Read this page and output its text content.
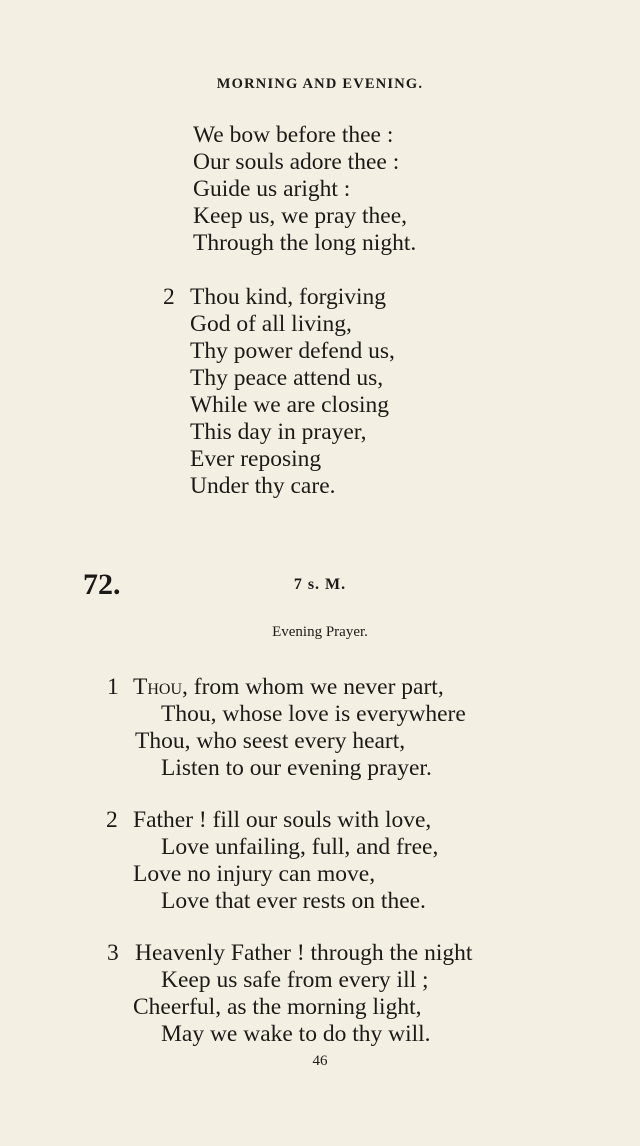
MORNING AND EVENING.
We bow before thee :
Our souls adore thee :
Guide us aright :
Keep us, we pray thee,
Through the long night.
2 Thou kind, forgiving
God of all living,
Thy power defend us,
Thy peace attend us,
While we are closing
This day in prayer,
Ever reposing
Under thy care.
72.	7 s. M.
Evening Prayer.
1 Thou, from whom we never part,
Thou, whose love is everywhere
Thou, who seest every heart,
Listen to our evening prayer.
2 Father ! fill our souls with love,
Love unfailing, full, and free,
Love no injury can move,
Love that ever rests on thee.
3 Heavenly Father ! through the night
Keep us safe from every ill ;
Cheerful, as the morning light,
May we wake to do thy will.
46
